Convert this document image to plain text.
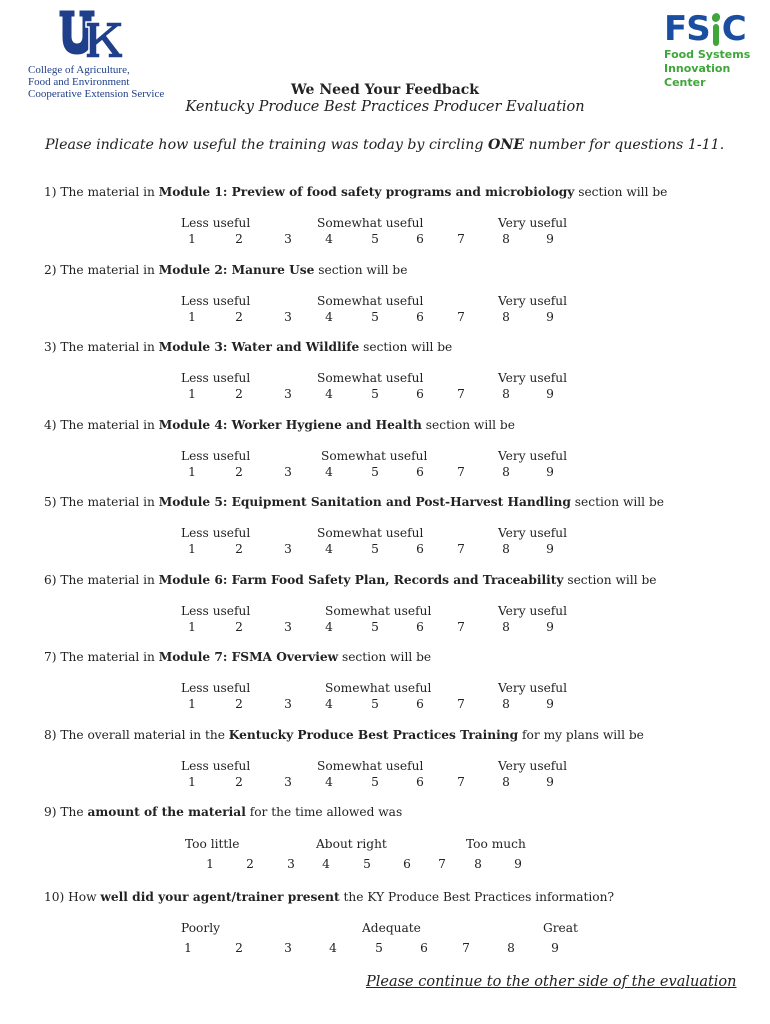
College of Agriculture,
Food and Environment
Cooperative Extension Service
FS C
Food Systems
Innovation
Center
We Need Your Feedback
Kentucky Produce Best Practices Producer Evaluation
Please indicate how useful the training was today by circling ONE number for questions 1-11.
1) The material in Module 1: Preview of food safety programs and microbiology section will be
Less useful	Somewhat useful	Very useful
1	2	3	4	5	6	7	8	9
2) The material in Module 2: Manure Use section will be
Less useful	Somewhat useful	Very useful
1	2	3	4	5	6	7	8	9
3) The material in Module 3: Water and Wildlife section will be
Less useful	Somewhat useful	Very useful
1	2	3	4	5	6	7	8	9
4) The material in Module 4: Worker Hygiene and Health section will be
Less useful	Somewhat useful	Very useful
1	2	3	4	5	6	7	8	9
5) The material in Module 5: Equipment Sanitation and Post-Harvest Handling section will be
Less useful	Somewhat useful	Very useful
1	2	3	4	5	6	7	8	9
6) The material in Module 6: Farm Food Safety Plan, Records and Traceability section will be
Less useful	Somewhat useful	Very useful
1	2	3	4	5	6	7	8	9
7) The material in Module 7: FSMA Overview section will be
Less useful	Somewhat useful	Very useful
1	2	3	4	5	6	7	8	9
8) The overall material in the Kentucky Produce Best Practices Training for my plans will be
Less useful	Somewhat useful	Very useful
1	2	3	4	5	6	7	8	9
9) The amount of the material for the time allowed was
Too little	About right	Too much
1	2	3 4	5	6 7 8	9
10) How well did your agent/trainer present the KY Produce Best Practices information?
Poorly	Adequate	Great
1	2	3	4	5	6	7	8	9
Please continue to the other side of the evaluation
